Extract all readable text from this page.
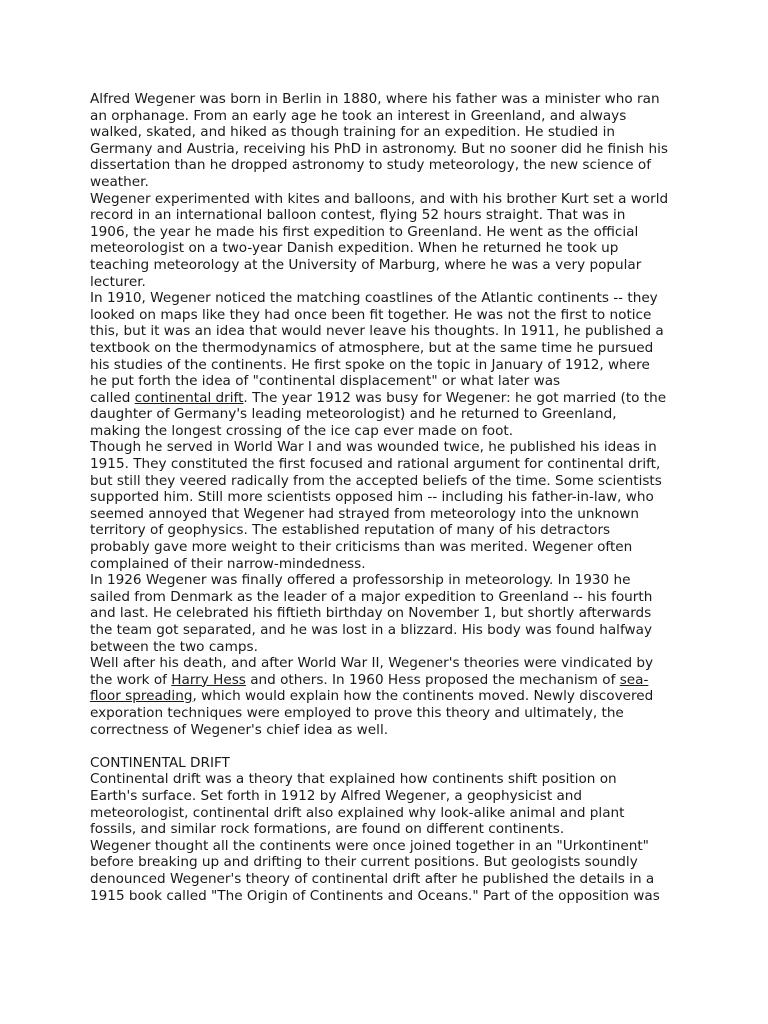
Alfred Wegener was born in Berlin in 1880, where his father was a minister who ran
an orphanage. From an early age he took an interest in Greenland, and always
walked, skated, and hiked as though training for an expedition. He studied in
Germany and Austria, receiving his PhD in astronomy. But no sooner did he finish his
dissertation than he dropped astronomy to study meteorology, the new science of
weather.

Wegener experimented with kites and balloons, and with his brother Kurt set a world
record in an international balloon contest, flying 52 hours straight. That was in
1906, the year he made his first expedition to Greenland. He went as the official
meteorologist on a two-year Danish expedition. When he returned he took up
teaching meteorology at the University of Marburg, where he was a very popular
lecturer.

In 1910, Wegener noticed the matching coastlines of the Atlantic continents -- they
looked on maps like they had once been fit together. He was not the first to notice
this, but it was an idea that would never leave his thoughts. In 1911, he published a
textbook on the thermodynamics of atmosphere, but at the same time he pursued
his studies of the continents. He first spoke on the topic in January of 1912, where
he put forth the idea of "continental displacement" or what later was
called continental drift. The year 1912 was busy for Wegener: he got married (to the
daughter of Germany's leading meteorologist) and he returned to Greenland,
making the longest crossing of the ice cap ever made on foot.

Though he served in World War I and was wounded twice, he published his ideas in
1915. They constituted the first focused and rational argument for continental drift,
but still they veered radically from the accepted beliefs of the time. Some scientists
supported him. Still more scientists opposed him -- including his father-in-law, who
seemed annoyed that Wegener had strayed from meteorology into the unknown
territory of geophysics. The established reputation of many of his detractors
probably gave more weight to their criticisms than was merited. Wegener often
complained of their narrow-mindedness.

In 1926 Wegener was finally offered a professorship in meteorology. In 1930 he
sailed from Denmark as the leader of a major expedition to Greenland -- his fourth
and last. He celebrated his fiftieth birthday on November 1, but shortly afterwards
the team got separated, and he was lost in a blizzard. His body was found halfway
between the two camps.

Well after his death, and after World War II, Wegener's theories were vindicated by
the work of Harry Hess and others. In 1960 Hess proposed the mechanism of sea-
floor spreading, which would explain how the continents moved. Newly discovered
exporation techniques were employed to prove this theory and ultimately, the
correctness of Wegener's chief idea as well.

CONTINENTAL DRIFT

Continental drift was a theory that explained how continents shift position on
Earth's surface. Set forth in 1912 by Alfred Wegener, a geophysicist and
meteorologist, continental drift also explained why look-alike animal and plant
fossils, and similar rock formations, are found on different continents.

Wegener thought all the continents were once joined together in an "Urkontinent"
before breaking up and drifting to their current positions. But geologists soundly
denounced Wegener's theory of continental drift after he published the details in a
1915 book called "The Origin of Continents and Oceans." Part of the opposition was
